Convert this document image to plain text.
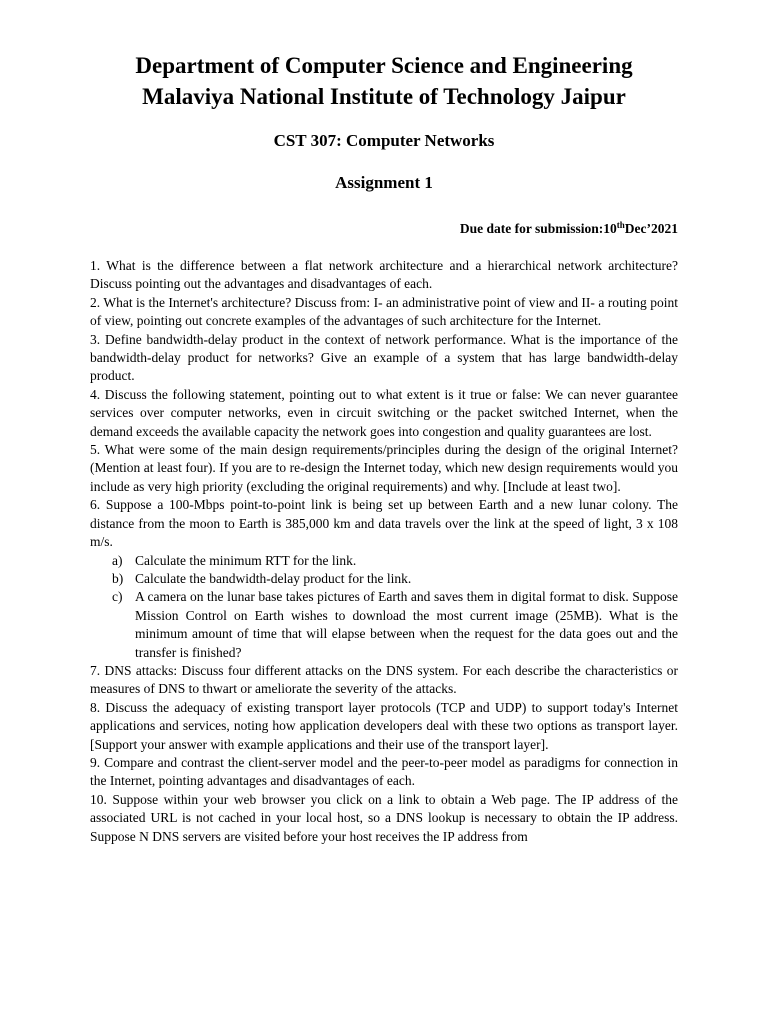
Department of Computer Science and Engineering
Malaviya National Institute of Technology Jaipur
CST 307: Computer Networks
Assignment 1
Due date for submission:10thDec’2021

1. What is the difference between a flat network architecture and a hierarchical network architecture? Discuss pointing out the advantages and disadvantages of each.

2. What is the Internet's architecture? Discuss from: I- an administrative point of view and II- a routing point of view, pointing out concrete examples of the advantages of such architecture for the Internet.

3. Define bandwidth-delay product in the context of network performance. What is the importance of the bandwidth-delay product for networks? Give an example of a system that has large bandwidth-delay product.

4. Discuss the following statement, pointing out to what extent is it true or false: We can never guarantee services over computer networks, even in circuit switching or the packet switched Internet, when the demand exceeds the available capacity the network goes into congestion and quality guarantees are lost.

5. What were some of the main design requirements/principles during the design of the original Internet? (Mention at least four). If you are to re-design the Internet today, which new design requirements would you include as very high priority (excluding the original requirements) and why. [Include at least two].

6. Suppose a 100-Mbps point-to-point link is being set up between Earth and a new lunar colony. The distance from the moon to Earth is 385,000 km and data travels over the link at the speed of light, 3 x 108 m/s.

a) Calculate the minimum RTT for the link.
b) Calculate the bandwidth-delay product for the link.
c) A camera on the lunar base takes pictures of Earth and saves them in digital format to disk. Suppose Mission Control on Earth wishes to download the most current image (25MB). What is the minimum amount of time that will elapse between when the request for the data goes out and the transfer is finished?

7. DNS attacks: Discuss four different attacks on the DNS system. For each describe the characteristics or measures of DNS to thwart or ameliorate the severity of the attacks.

8. Discuss the adequacy of existing transport layer protocols (TCP and UDP) to support today's Internet applications and services, noting how application developers deal with these two options as transport layer. [Support your answer with example applications and their use of the transport layer].

9. Compare and contrast the client-server model and the peer-to-peer model as paradigms for connection in the Internet, pointing advantages and disadvantages of each.

10. Suppose within your web browser you click on a link to obtain a Web page. The IP address of the associated URL is not cached in your local host, so a DNS lookup is necessary to obtain the IP address. Suppose N DNS servers are visited before your host receives the IP address from
